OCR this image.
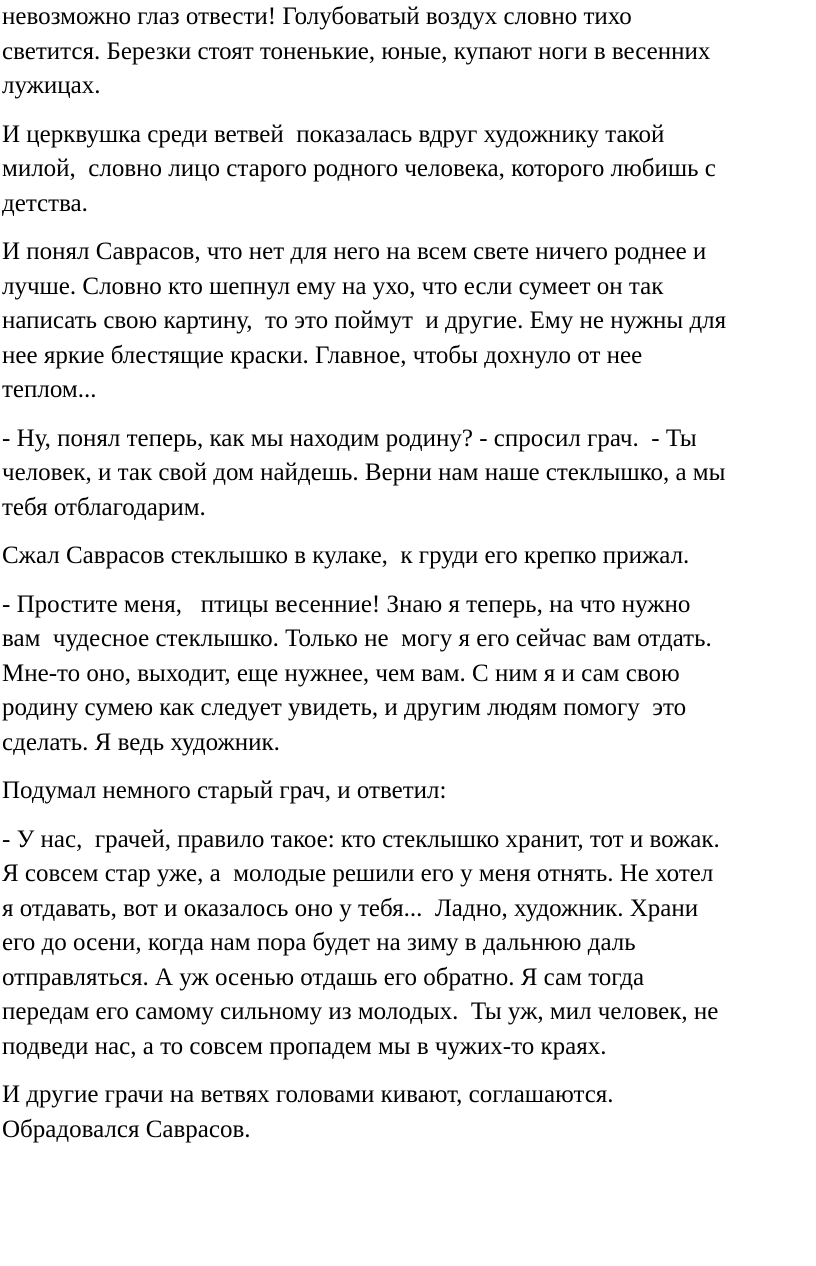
невозможно глаз отвести! Голубоватый воздух словно тихо
светится. Березки стоят тоненькие, юные, купают ноги в весенних
лужицах.

И церквушка среди ветвей  показалась вдруг художнику такой
милой,  словно лицо старого родного человека, которого любишь с
детства.

И понял Саврасов, что нет для него на всем свете ничего роднее и
лучше. Словно кто шепнул ему на ухо, что если сумеет он так
написать свою картину,  то это поймут  и другие. Ему не нужны для
нее яркие блестящие краски. Главное, чтобы дохнуло от нее
теплом...

- Ну, понял теперь, как мы находим родину? - спросил грач.  - Ты
человек, и так свой дом найдешь. Верни нам наше стеклышко, а мы
тебя отблагодарим.

Сжал Саврасов стеклышко в кулаке,  к груди его крепко прижал.

- Простите меня,   птицы весенние! Знаю я теперь, на что нужно
вам  чудесное стеклышко. Только не  могу я его сейчас вам отдать.
Мне-то оно, выходит, еще нужнее, чем вам. С ним я и сам свою
родину сумею как следует увидеть, и другим людям помогу  это
сделать. Я ведь художник.

Подумал немного старый грач, и ответил:

- У нас,  грачей, правило такое: кто стеклышко хранит, тот и вожак.
Я совсем стар уже, а  молодые решили его у меня отнять. Не хотел
я отдавать, вот и оказалось оно у тебя...  Ладно, художник. Храни
его до осени, когда нам пора будет на зиму в дальнюю даль
отправляться. А уж осенью отдашь его обратно. Я сам тогда
передам его самому сильному из молодых.  Ты уж, мил человек, не
подведи нас, а то совсем пропадем мы в чужих-то краях.

И другие грачи на ветвях головами кивают, соглашаются.
Обрадовался Саврасов.
